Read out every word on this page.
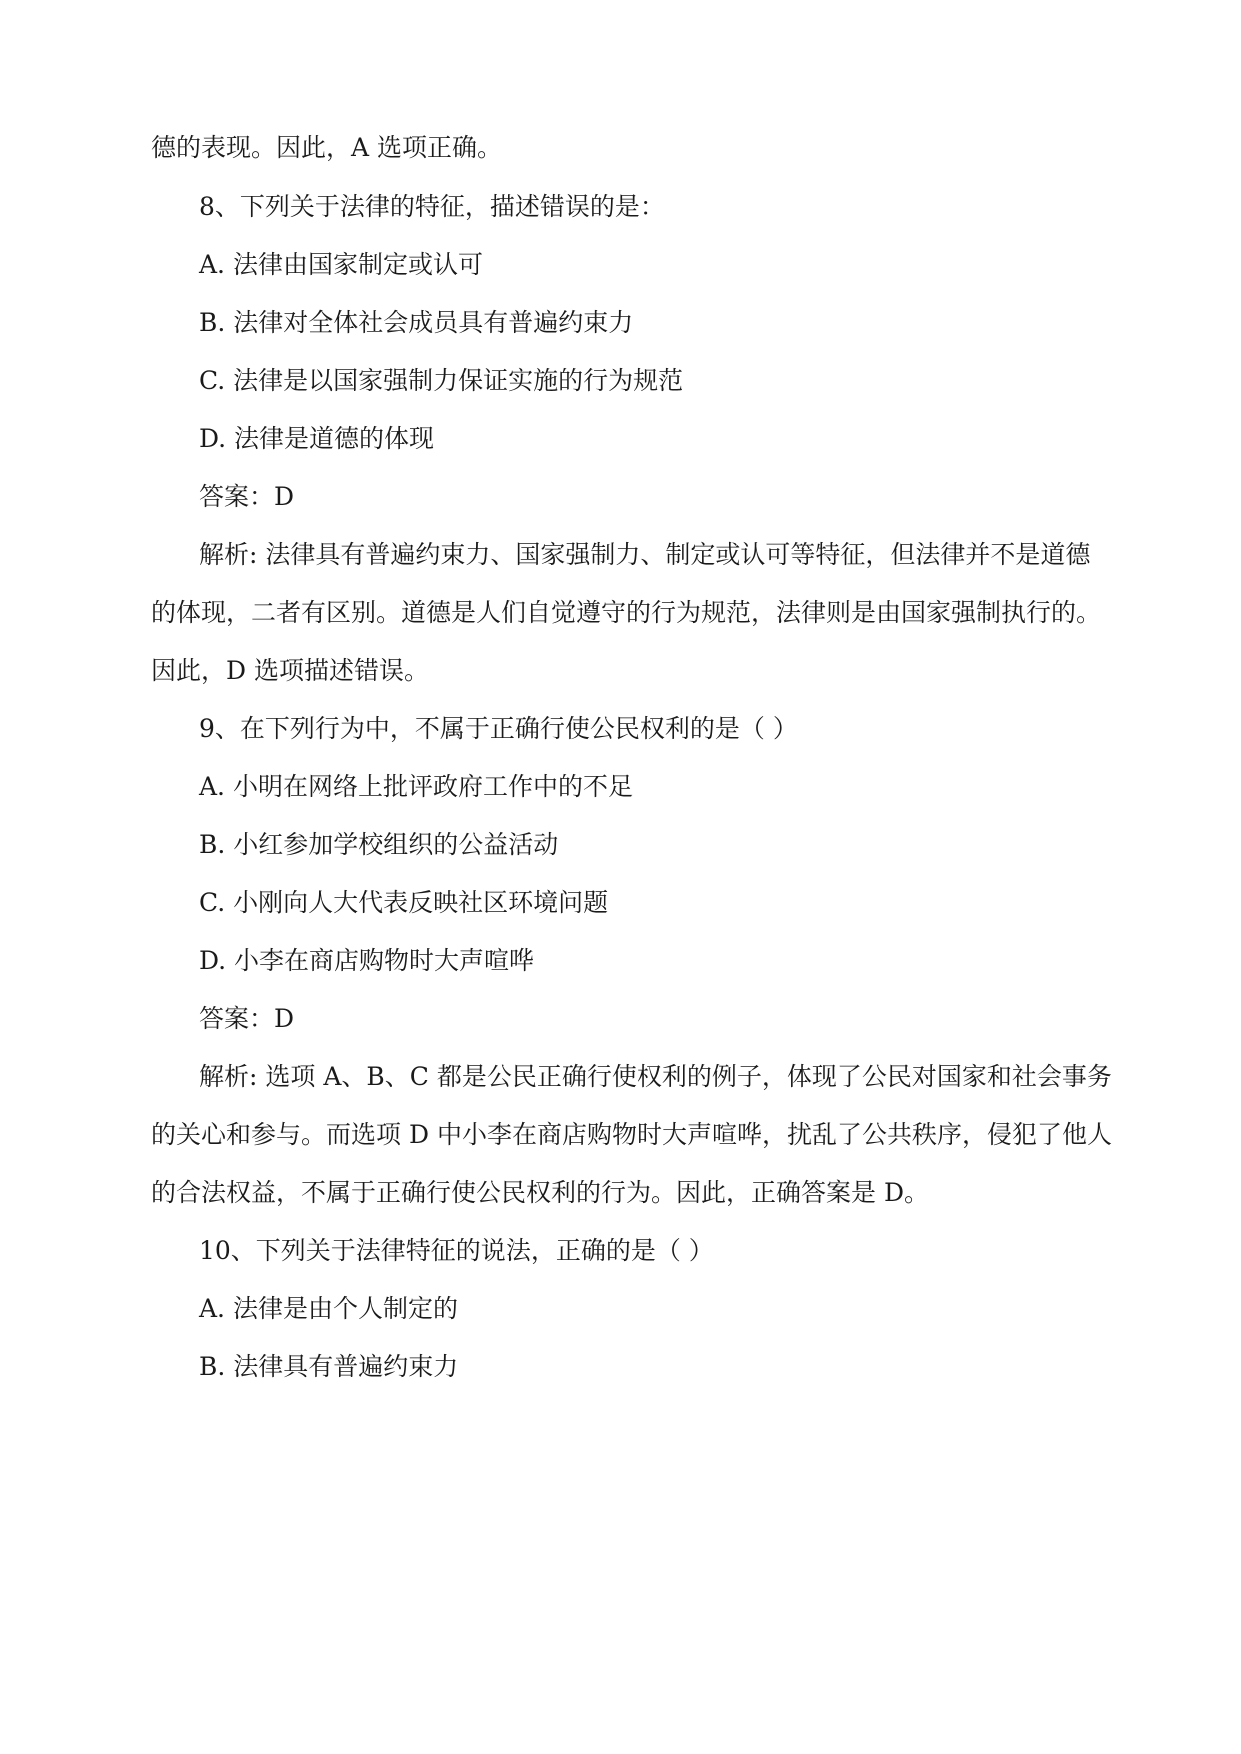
德的表现。因此，A 选项正确。
8、下列关于法律的特征，描述错误的是：
A. 法律由国家制定或认可
B. 法律对全体社会成员具有普遍约束力
C. 法律是以国家强制力保证实施的行为规范
D. 法律是道德的体现
答案：D
解析: 法律具有普遍约束力、国家强制力、制定或认可等特征，但法律并不是道德
的体现，二者有区别。道德是人们自觉遵守的行为规范，法律则是由国家强制执行的。
因此，D 选项描述错误。
9、在下列行为中，不属于正确行使公民权利的是（ ）
A. 小明在网络上批评政府工作中的不足
B. 小红参加学校组织的公益活动
C. 小刚向人大代表反映社区环境问题
D. 小李在商店购物时大声喧哗
答案：D
解析: 选项 A、B、C 都是公民正确行使权利的例子，体现了公民对国家和社会事务
的关心和参与。而选项 D 中小李在商店购物时大声喧哗，扰乱了公共秩序，侵犯了他人
的合法权益，不属于正确行使公民权利的行为。因此，正确答案是 D。
10、下列关于法律特征的说法，正确的是（ ）
A. 法律是由个人制定的
B. 法律具有普遍约束力
